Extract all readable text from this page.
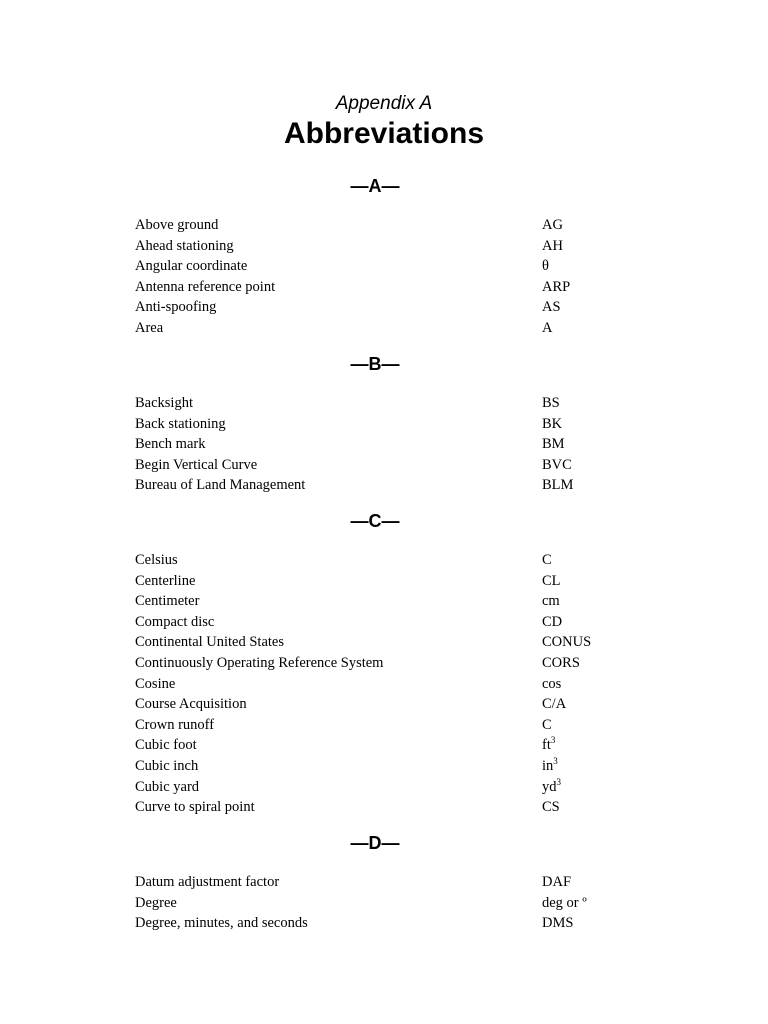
Appendix A
Abbreviations
—A—
Above ground	AG
Ahead stationing	AH
Angular coordinate	θ
Antenna reference point	ARP
Anti-spoofing	AS
Area	A
—B—
Backsight	BS
Back stationing	BK
Bench mark	BM
Begin Vertical Curve	BVC
Bureau of Land Management	BLM
—C—
Celsius	C
Centerline	CL
Centimeter	cm
Compact disc	CD
Continental United States	CONUS
Continuously Operating Reference System	CORS
Cosine	cos
Course Acquisition	C/A
Crown runoff	C
Cubic foot	$ft^3$
Cubic inch	$in^3$
Cubic yard	$yd^3$
Curve to spiral point	CS
—D—
Datum adjustment factor	DAF
Degree	deg or º
Degree, minutes, and seconds	DMS
